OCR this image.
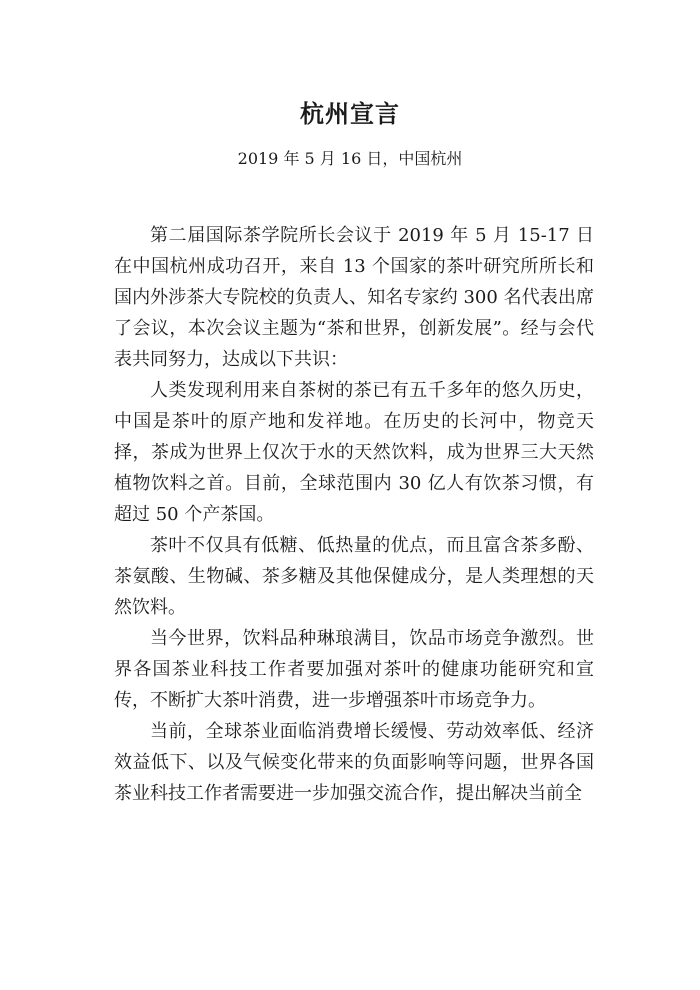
杭州宣言
2019 年 5 月 16 日，中国杭州

第二届国际茶学院所长会议于 2019 年 5 月 15-17 日在中国杭州成功召开，来自 13 个国家的茶叶研究所所长和国内外涉茶大专院校的负责人、知名专家约 300 名代表出席了会议，本次会议主题为“茶和世界，创新发展”。经与会代表共同努力，达成以下共识：

人类发现利用来自茶树的茶已有五千多年的悠久历史，中国是茶叶的原产地和发祥地。在历史的长河中，物竞天择，茶成为世界上仅次于水的天然饮料，成为世界三大天然植物饮料之首。目前，全球范围内 30 亿人有饮茶习惯，有超过 50 个产茶国。

茶叶不仅具有低糖、低热量的优点，而且富含茶多酚、茶氨酸、生物碱、茶多糖及其他保健成分，是人类理想的天然饮料。

当今世界，饮料品种琳琅满目，饮品市场竞争激烈。世界各国茶业科技工作者要加强对茶叶的健康功能研究和宣传，不断扩大茶叶消费，进一步增强茶叶市场竞争力。

当前，全球茶业面临消费增长缓慢、劳动效率低、经济效益低下、以及气候变化带来的负面影响等问题，世界各国茶业科技工作者需要进一步加强交流合作，提出解决当前全
